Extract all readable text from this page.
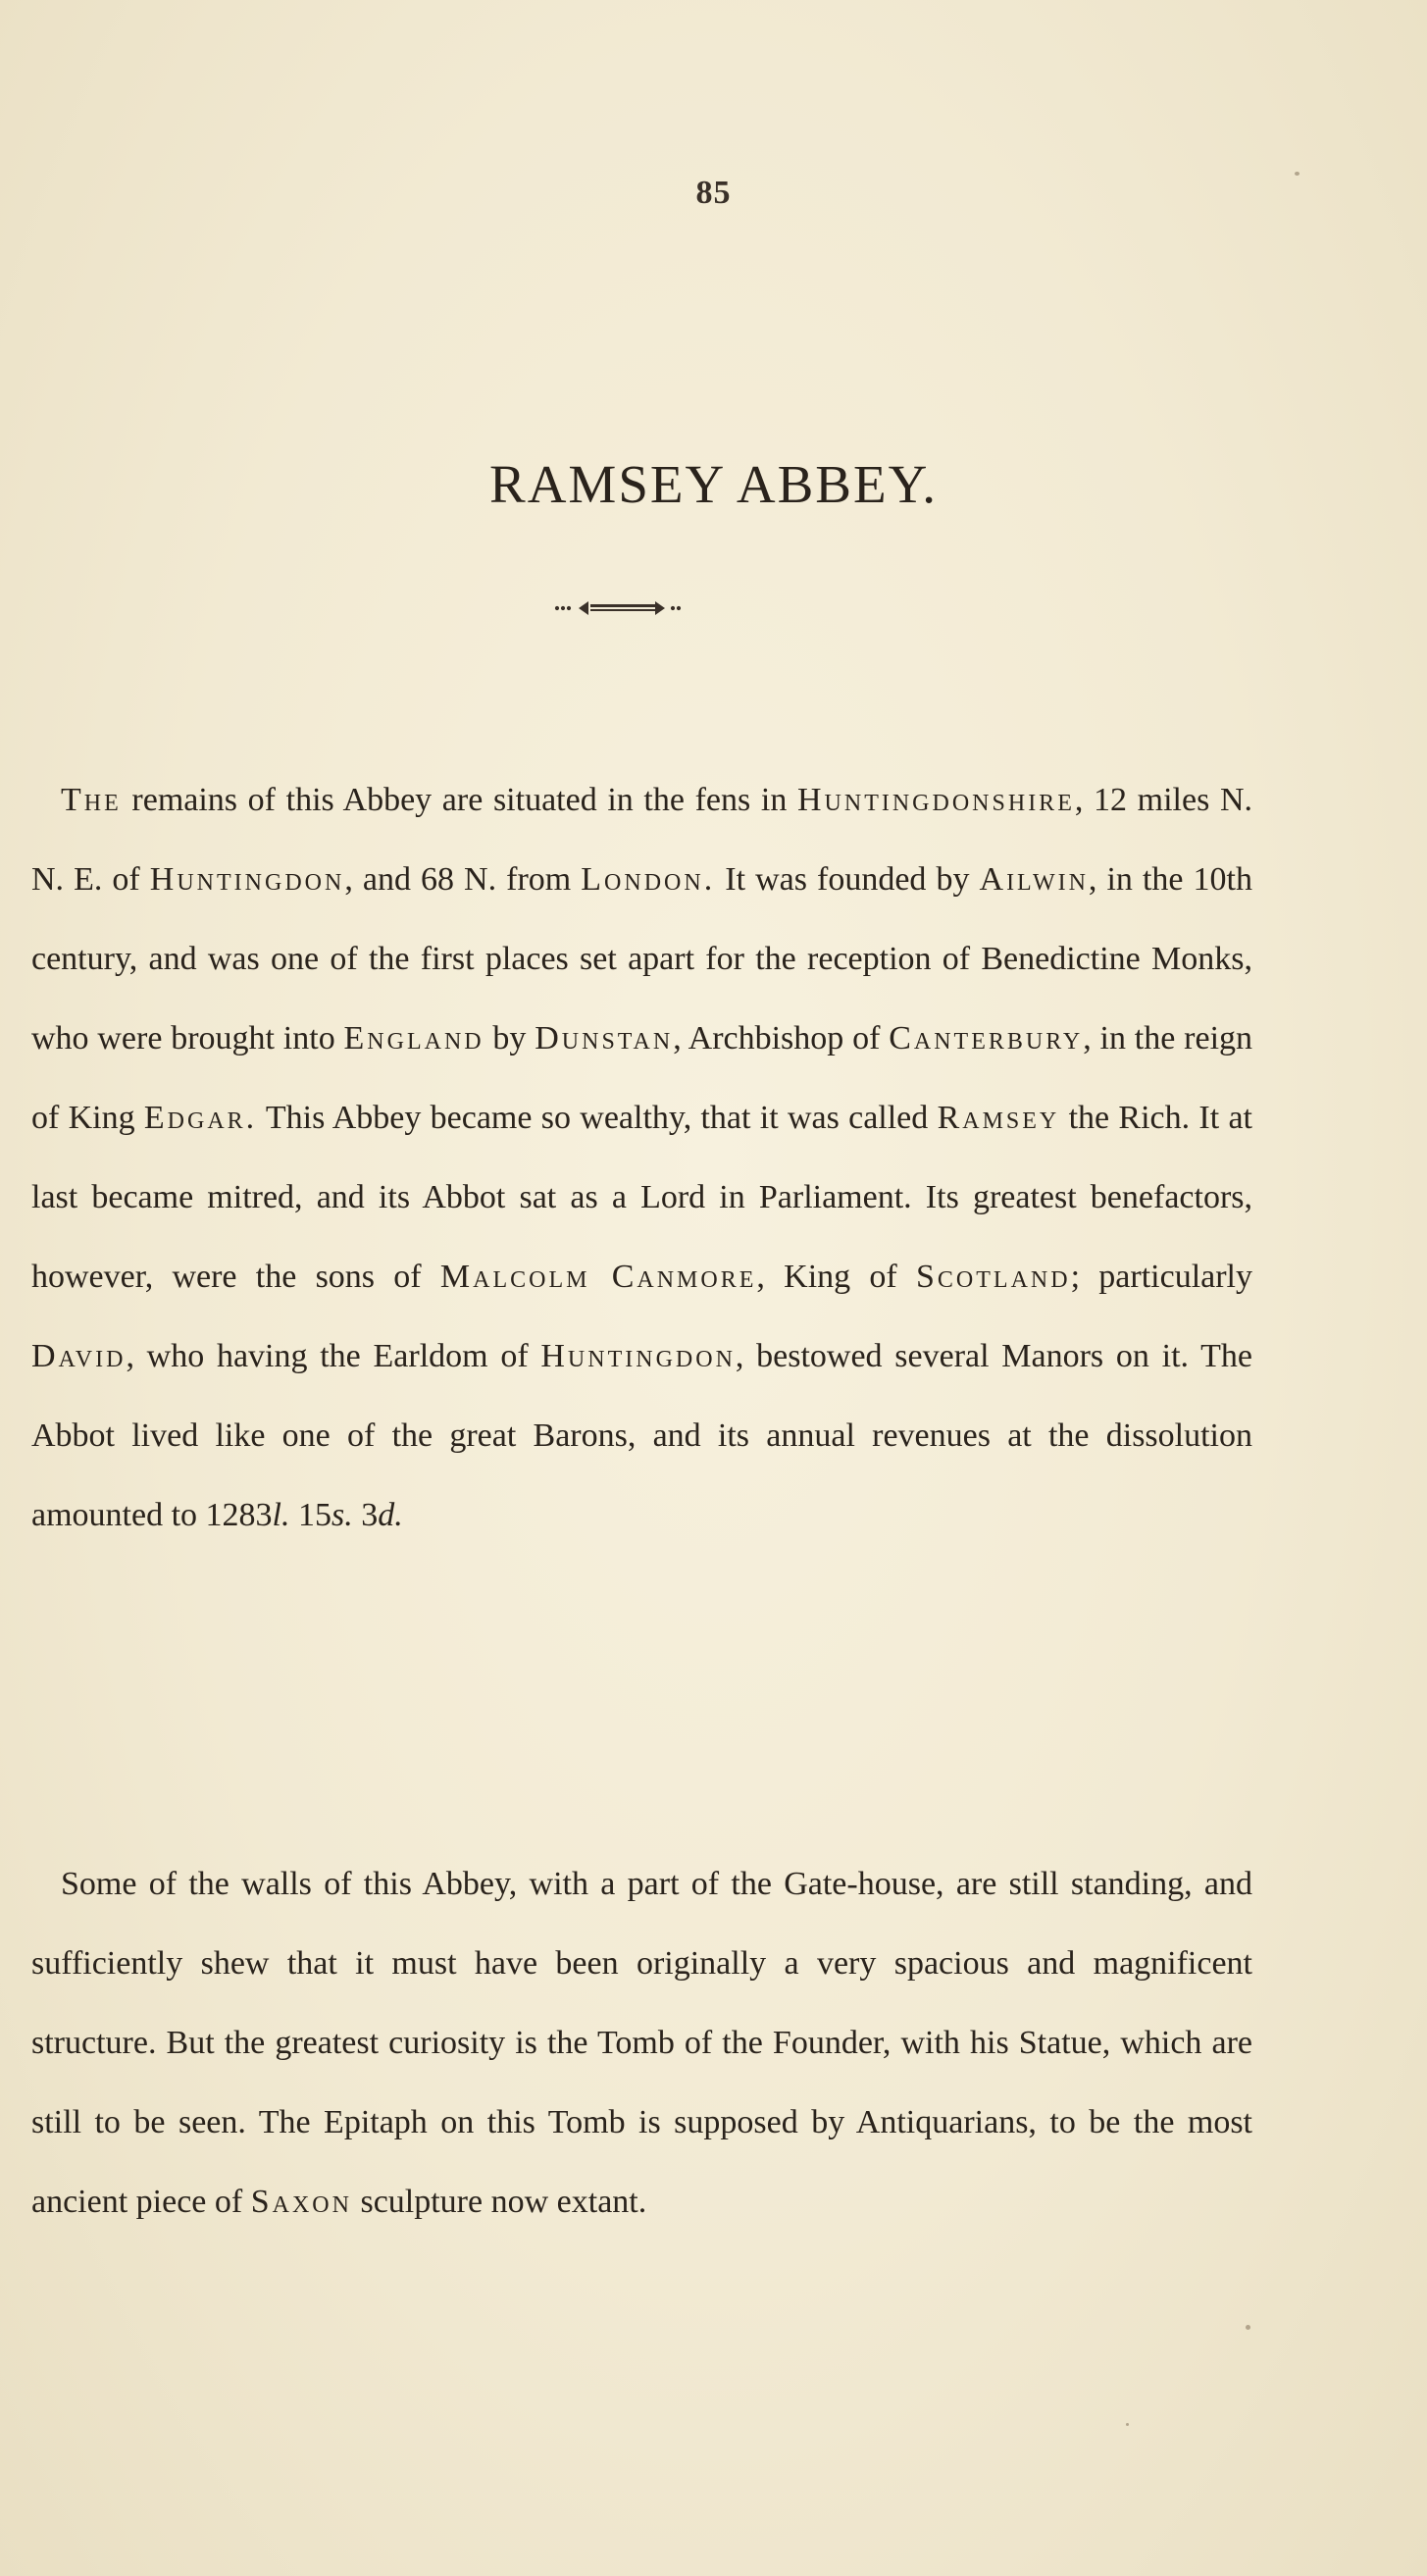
85
RAMSEY ABBEY.

The remains of this Abbey are situated in the fens in Huntingdonshire, 12 miles N. N. E. of Huntingdon, and 68 N. from London. It was founded by Ailwin, in the 10th century, and was one of the first places set apart for the reception of Benedictine Monks, who were brought into England by Dunstan, Archbishop of Canterbury, in the reign of King Edgar. This Abbey became so wealthy, that it was called Ramsey the Rich. It at last became mitred, and its Abbot sat as a Lord in Parliament. Its greatest benefactors, however, were the sons of Malcolm Canmore, King of Scotland; particularly David, who having the Earldom of Huntingdon, bestowed several Manors on it. The Abbot lived like one of the great Barons, and its annual revenues at the dissolution amounted to 1283l. 15s. 3d.

Some of the walls of this Abbey, with a part of the Gate-house, are still standing, and sufficiently shew that it must have been originally a very spacious and magnificent structure. But the greatest curiosity is the Tomb of the Founder, with his Statue, which are still to be seen. The Epitaph on this Tomb is supposed by Antiquarians, to be the most ancient piece of Saxon sculpture now extant.
